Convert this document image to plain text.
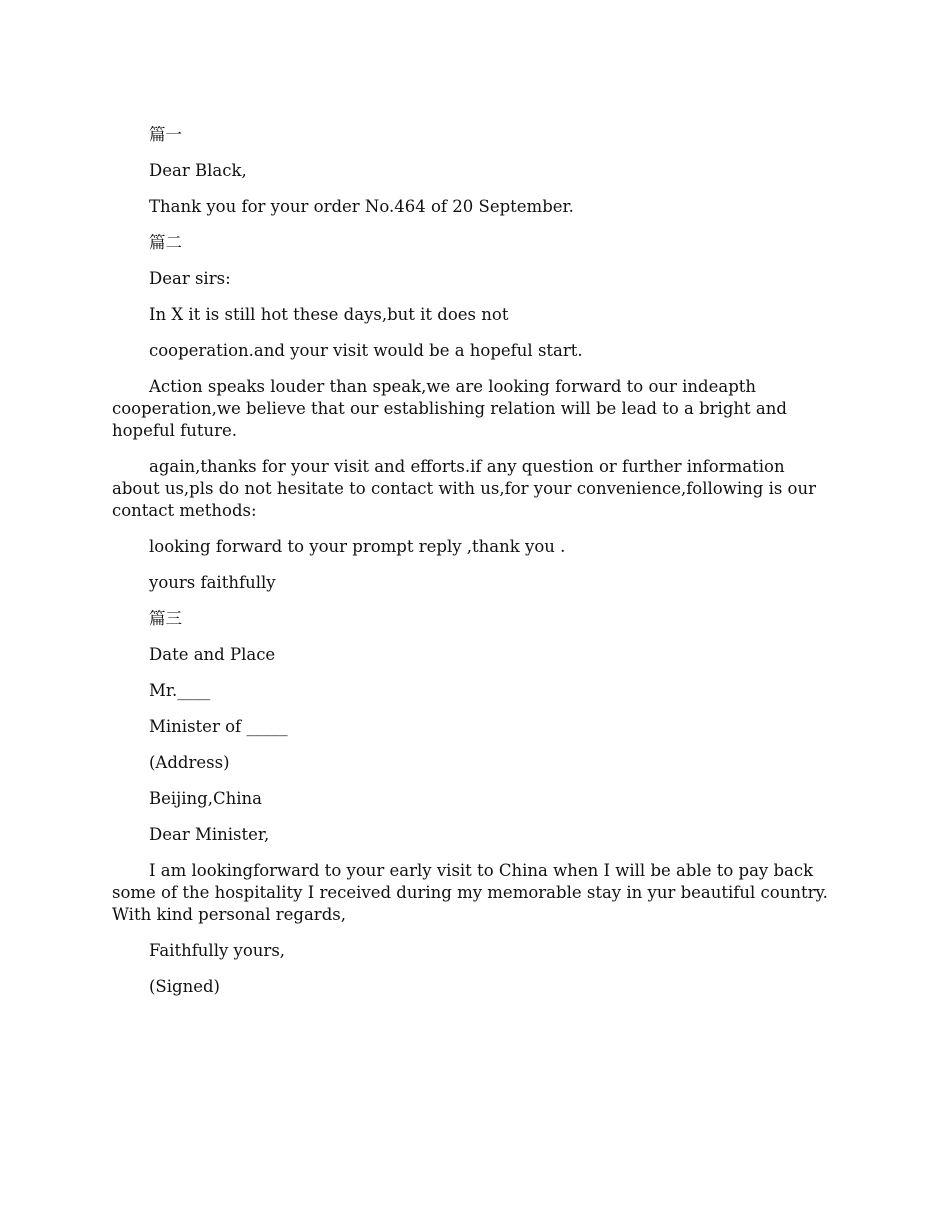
篇一

Dear Black,

Thank you for your order No.464 of 20 September.

篇二

Dear sirs:

In X it is still hot these days,but it does not

cooperation.and your visit would be a hopeful start.

Action speaks louder than speak,we are looking forward to our indeapth cooperation,we believe that our establishing relation will be lead to a bright and hopeful future.

again,thanks for your visit and efforts.if any question or further information about us,pls do not hesitate to contact with us,for your convenience,following is our contact methods:

looking forward to your prompt reply ,thank you .

yours faithfully

篇三

Date and Place

Mr.____

Minister of _____

(Address)

Beijing,China

Dear Minister,

I am lookingforward to your early visit to China when I will be able to pay back some of the hospitality I received during my memorable stay in yur beautiful country. With kind personal regards,

Faithfully yours,

(Signed)
